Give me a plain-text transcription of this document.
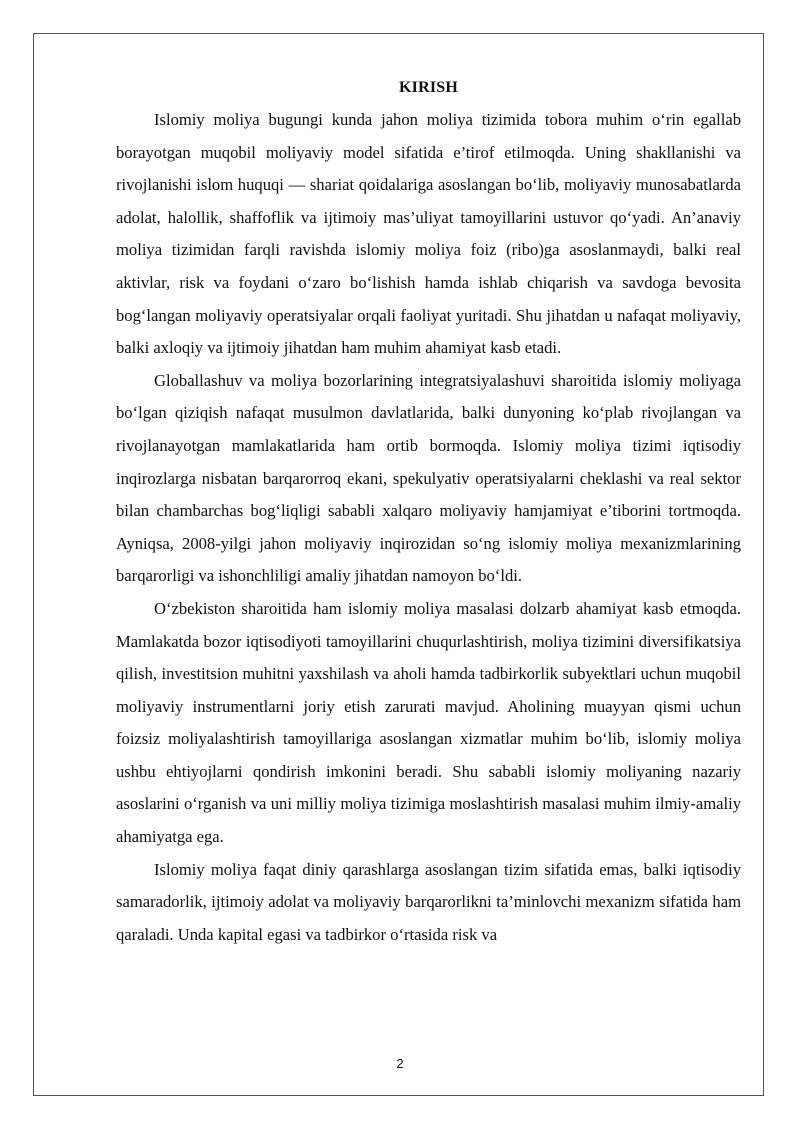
KIRISH

Islomiy moliya bugungi kunda jahon moliya tizimida tobora muhim o‘rin egallab borayotgan muqobil moliyaviy model sifatida e’tirof etilmoqda. Uning shakllanishi va rivojlanishi islom huquqi — shariat qoidalariga asoslangan bo‘lib, moliyaviy munosabatlarda adolat, halollik, shaffoflik va ijtimoiy mas’uliyat tamoyillarini ustuvor qo‘yadi. An’anaviy moliya tizimidan farqli ravishda islomiy moliya foiz (ribo)ga asoslanmaydi, balki real aktivlar, risk va foydani o‘zaro bo‘lishish hamda ishlab chiqarish va savdoga bevosita bog‘langan moliyaviy operatsiyalar orqali faoliyat yuritadi. Shu jihatdan u nafaqat moliyaviy, balki axloqiy va ijtimoiy jihatdan ham muhim ahamiyat kasb etadi.

Globallashuv va moliya bozorlarining integratsiyalashuvi sharoitida islomiy moliyaga bo‘lgan qiziqish nafaqat musulmon davlatlarida, balki dunyoning ko‘plab rivojlangan va rivojlanayotgan mamlakatlarida ham ortib bormoqda. Islomiy moliya tizimi iqtisodiy inqirozlarga nisbatan barqarorroq ekani, spekulyativ operatsiyalarni cheklashi va real sektor bilan chambarchas bog‘liqligi sababli xalqaro moliyaviy hamjamiyat e’tiborini tortmoqda. Ayniqsa, 2008-yilgi jahon moliyaviy inqirozidan so‘ng islomiy moliya mexanizmlarining barqarorligi va ishonchliligi amaliy jihatdan namoyon bo‘ldi.

O‘zbekiston sharoitida ham islomiy moliya masalasi dolzarb ahamiyat kasb etmoqda. Mamlakatda bozor iqtisodiyoti tamoyillarini chuqurlashtirish, moliya tizimini diversifikatsiya qilish, investitsion muhitni yaxshilash va aholi hamda tadbirkorlik subyektlari uchun muqobil moliyaviy instrumentlarni joriy etish zarurati mavjud. Aholining muayyan qismi uchun foizsiz moliyalashtirish tamoyillariga asoslangan xizmatlar muhim bo‘lib, islomiy moliya ushbu ehtiyojlarni qondirish imkonini beradi. Shu sababli islomiy moliyaning nazariy asoslarini o‘rganish va uni milliy moliya tizimiga moslashtirish masalasi muhim ilmiy-amaliy ahamiyatga ega.

Islomiy moliya faqat diniy qarashlarga asoslangan tizim sifatida emas, balki iqtisodiy samaradorlik, ijtimoiy adolat va moliyaviy barqarorlikni ta’minlovchi mexanizm sifatida ham qaraladi. Unda kapital egasi va tadbirkor o‘rtasida risk va

2
